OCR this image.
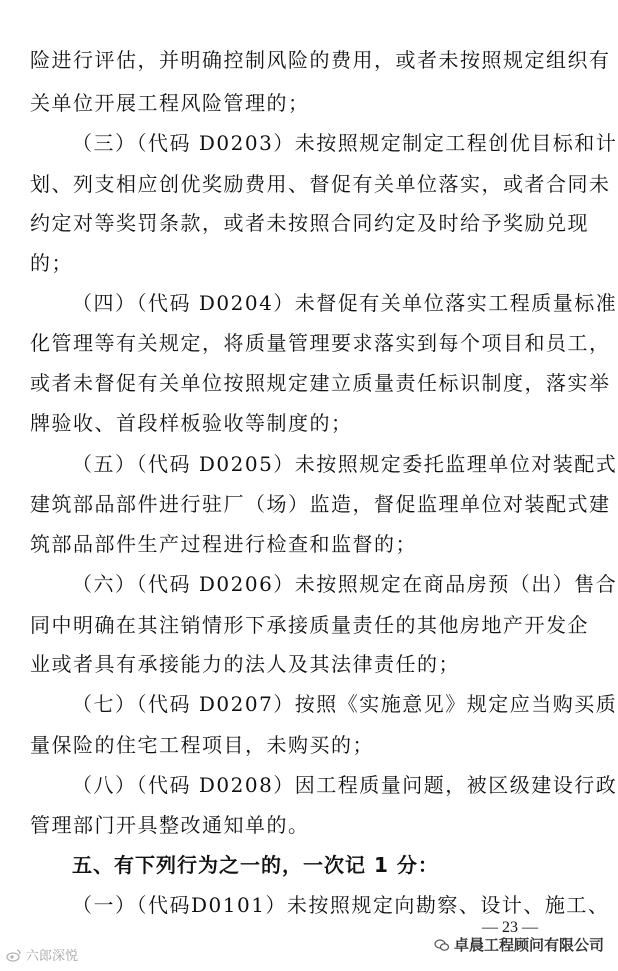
险进行评估，并明确控制风险的费用，或者未按照规定组织有
关单位开展工程风险管理的；
（三）（代码 D0203）未按照规定制定工程创优目标和计
划、列支相应创优奖励费用、督促有关单位落实，或者合同未
约定对等奖罚条款，或者未按照合同约定及时给予奖励兑现
的；
（四）（代码 D0204）未督促有关单位落实工程质量标准
化管理等有关规定，将质量管理要求落实到每个项目和员工，
或者未督促有关单位按照规定建立质量责任标识制度，落实举
牌验收、首段样板验收等制度的；
（五）（代码 D0205）未按照规定委托监理单位对装配式
建筑部品部件进行驻厂（场）监造，督促监理单位对装配式建
筑部品部件生产过程进行检查和监督的；
（六）（代码 D0206）未按照规定在商品房预（出）售合
同中明确在其注销情形下承接质量责任的其他房地产开发企
业或者具有承接能力的法人及其法律责任的；
（七）（代码 D0207）按照《实施意见》规定应当购买质
量保险的住宅工程项目，未购买的；
（八）（代码 D0208）因工程质量问题，被区级建设行政
管理部门开具整改通知单的。
五、有下列行为之一的，一次记 1 分：
（一）（代码D0101）未按照规定向勘察、设计、施工、
— 23 —
六郎深悦
卓晨工程顾问有限公司
